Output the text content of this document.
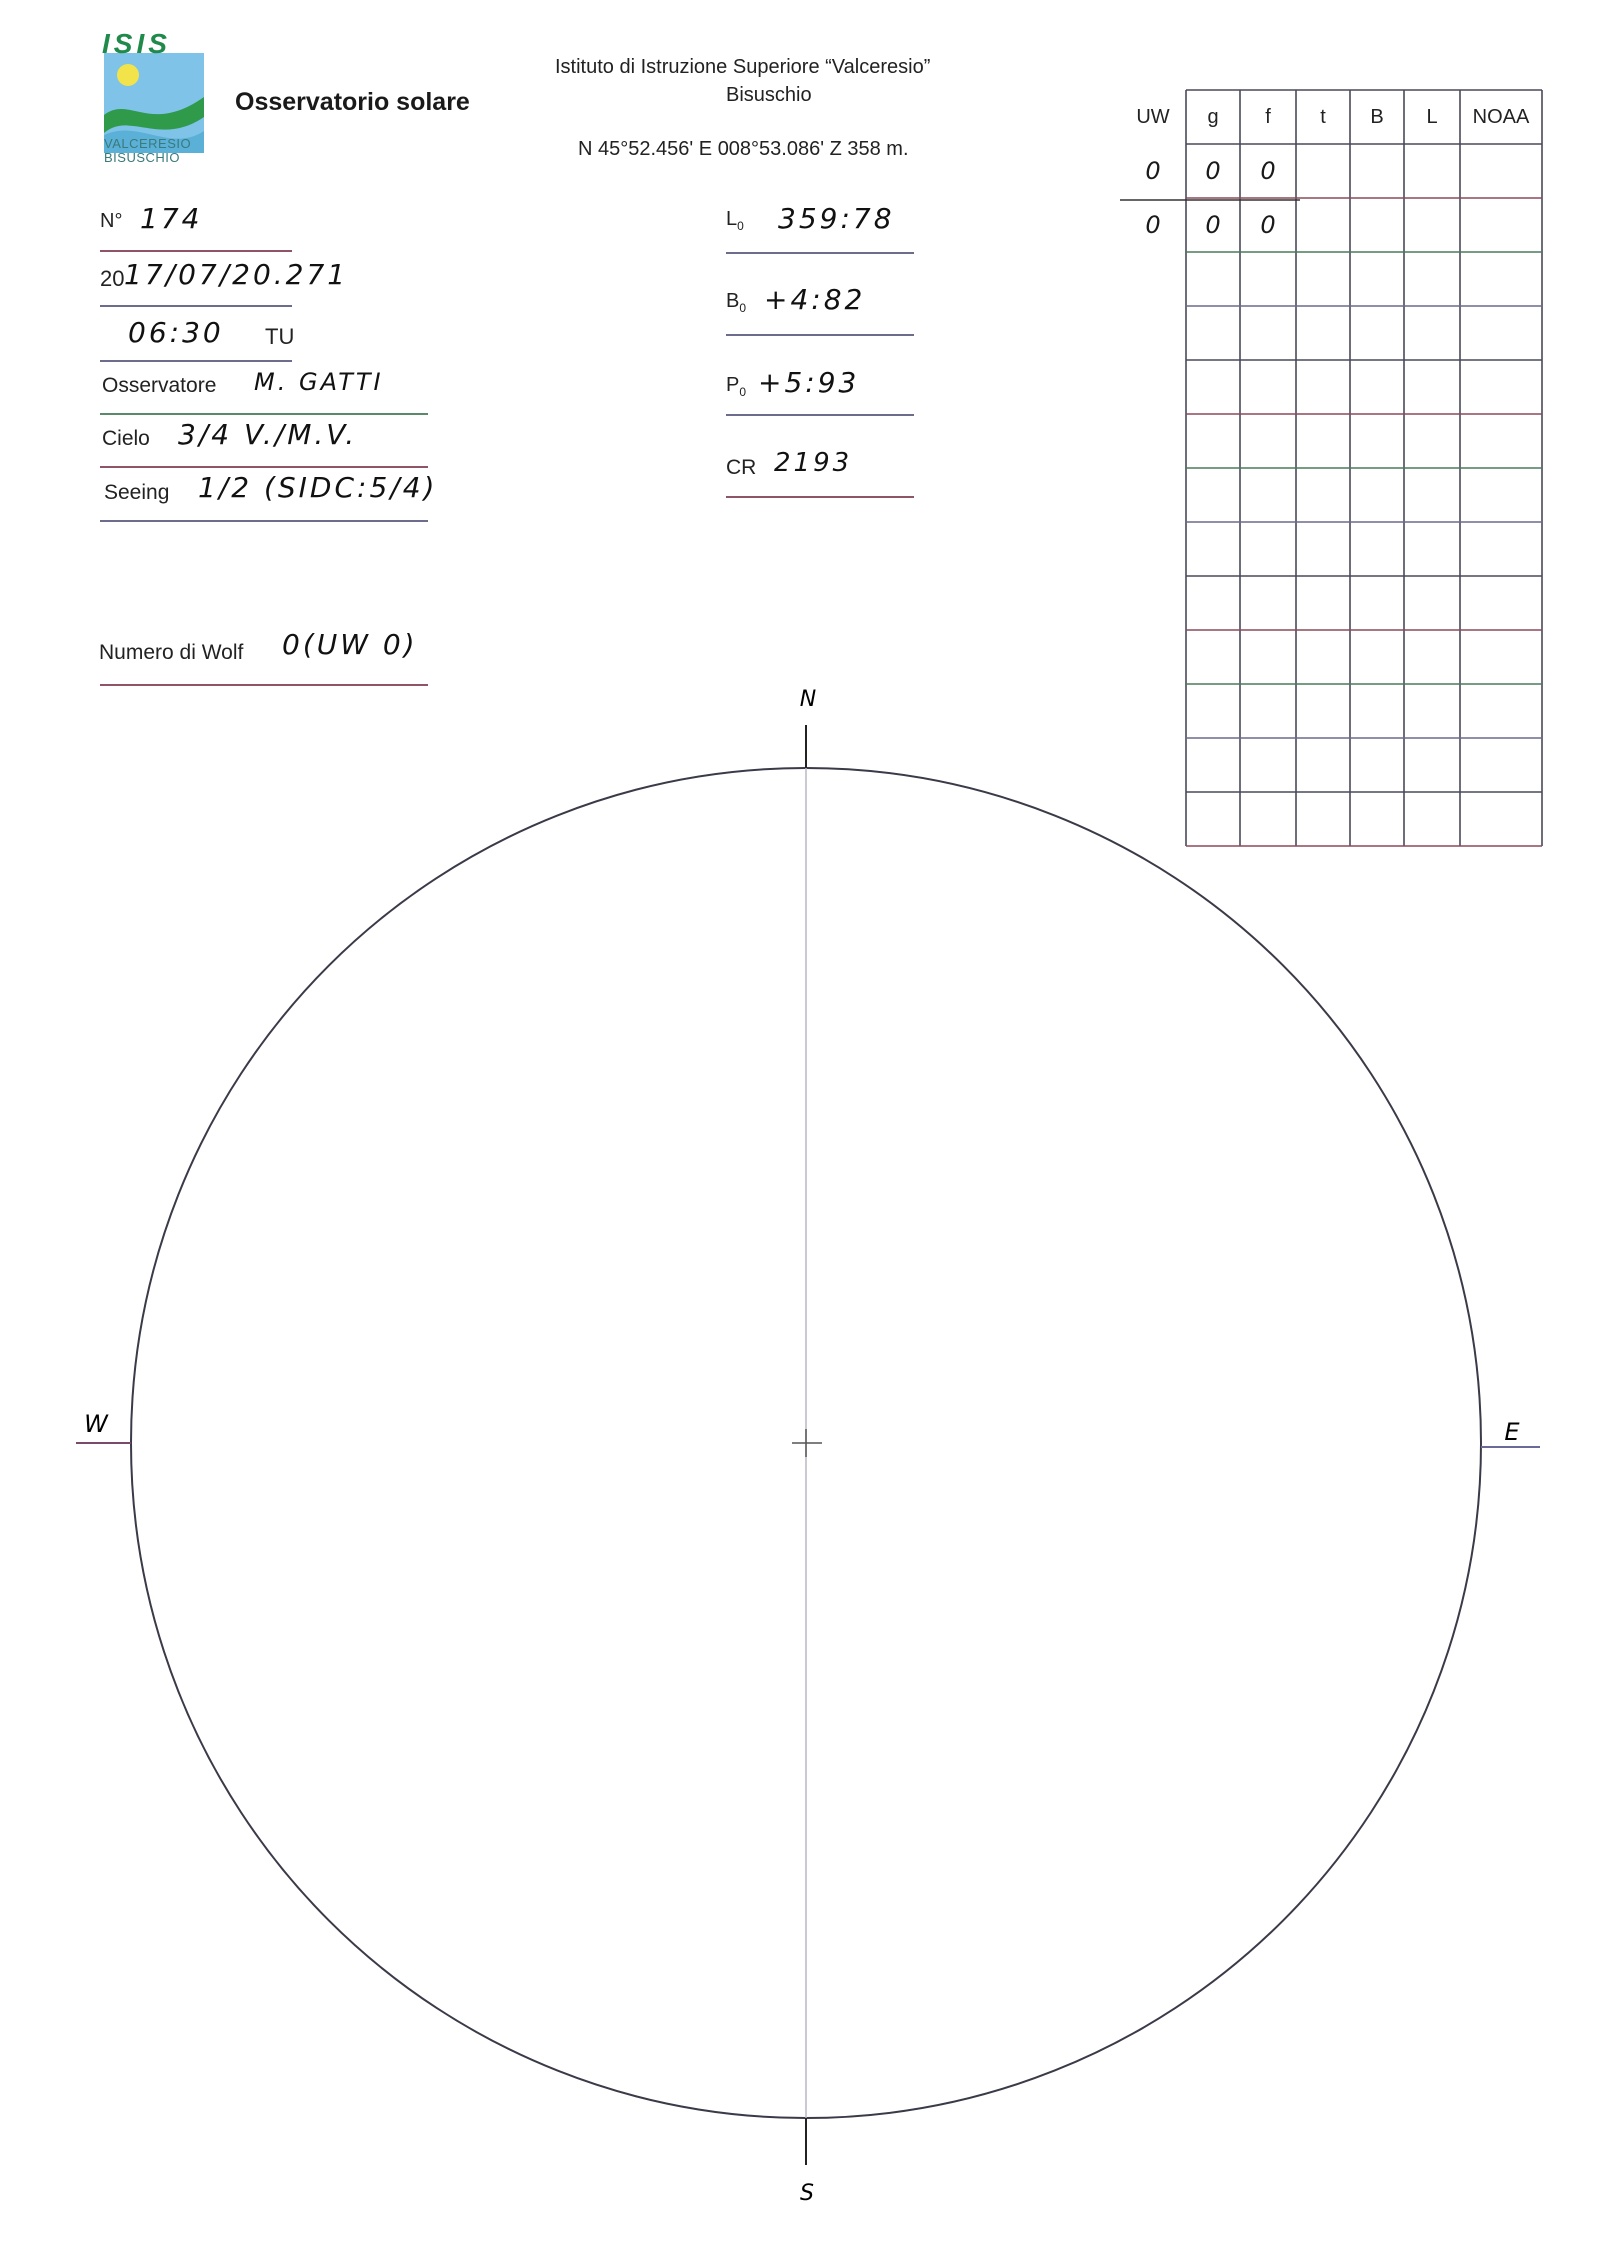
ISIS
VALCERESIO
BISUSCHIO
Osservatorio solare
Istituto di Istruzione Superiore “Valceresio”
Bisuschio
N 45°52.456' E 008°53.086' Z 358 m.
N° 174
20 17/07/20.271
06:30 TU
Osservatore M. GATTI
Cielo 3/4 V./M.V.
Seeing 1/2 (SIDC:5/4)
Numero di Wolf 0(UW 0)
$L_0$ 359:78
$B_0$ +4:82
$P_0$ +5:93
CR 2193
N
S
W	E
UW	g	f	t	B	L	NOAA
0	0	0
0	0	0
